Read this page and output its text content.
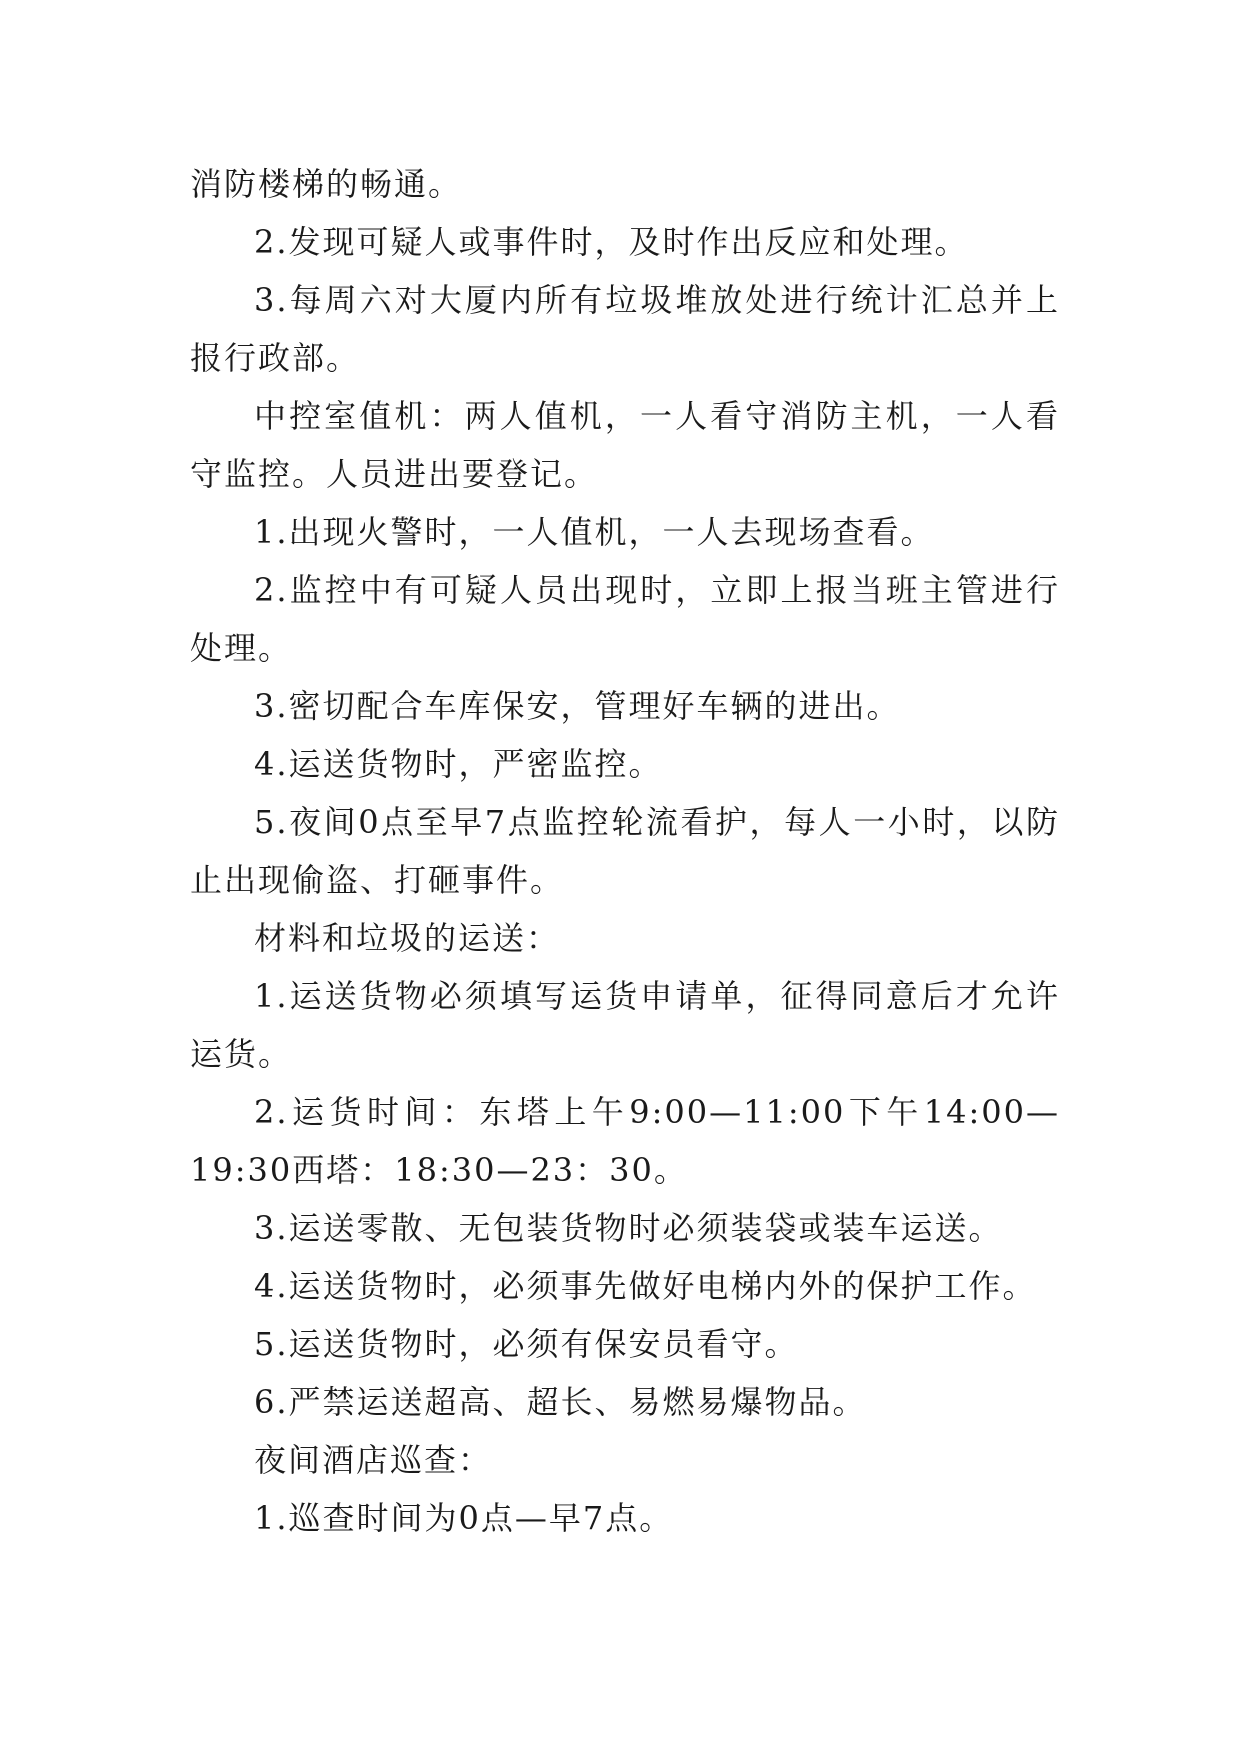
消防楼梯的畅通。

2.发现可疑人或事件时，及时作出反应和处理。

3.每周六对大厦内所有垃圾堆放处进行统计汇总并上报行政部。

中控室值机：两人值机，一人看守消防主机，一人看守监控。人员进出要登记。

1.出现火警时，一人值机，一人去现场查看。

2.监控中有可疑人员出现时，立即上报当班主管进行处理。

3.密切配合车库保安，管理好车辆的进出。

4.运送货物时，严密监控。

5.夜间0点至早7点监控轮流看护，每人一小时，以防止出现偷盗、打砸事件。

材料和垃圾的运送：

1.运送货物必须填写运货申请单，征得同意后才允许运货。

2.运货时间：东塔上午9:00—11:00下午14:00—19:30西塔：18:30—23：30。

3.运送零散、无包装货物时必须装袋或装车运送。

4.运送货物时，必须事先做好电梯内外的保护工作。

5.运送货物时，必须有保安员看守。

6.严禁运送超高、超长、易燃易爆物品。

夜间酒店巡查：

1.巡查时间为0点—早7点。
